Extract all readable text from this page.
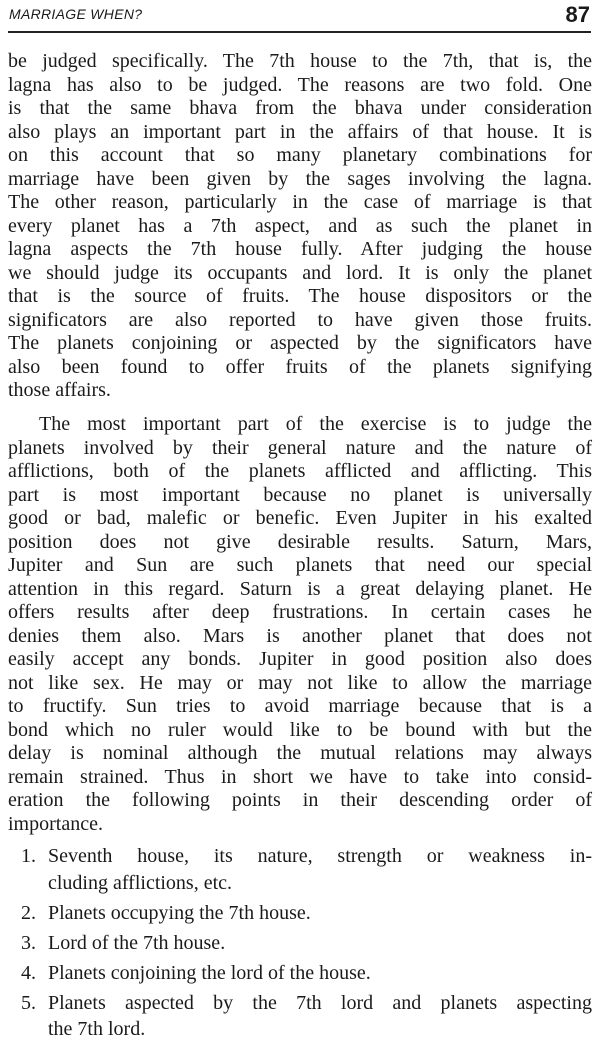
MARRIAGE WHEN?	87
be judged specifically. The 7th house to the 7th, that is, the
lagna has also to be judged. The reasons are two fold. One
is that the same bhava from the bhava under consideration
also plays an important part in the affairs of that house. It is
on this account that so many planetary combinations for
marriage have been given by the sages involving the lagna.
The other reason, particularly in the case of marriage is that
every planet has a 7th aspect, and as such the planet in
lagna aspects the 7th house fully. After judging the house
we should judge its occupants and lord. It is only the planet
that is the source of fruits. The house dispositors or the
significators are also reported to have given those fruits.
The planets conjoining or aspected by the significators have
also been found to offer fruits of the planets signifying
those affairs.
The most important part of the exercise is to judge the
planets involved by their general nature and the nature of
afflictions, both of the planets afflicted and afflicting. This
part is most important because no planet is universally
good or bad, malefic or benefic. Even Jupiter in his exalted
position does not give desirable results. Saturn, Mars,
Jupiter and Sun are such planets that need our special
attention in this regard. Saturn is a great delaying planet. He
offers results after deep frustrations. In certain cases he
denies them also. Mars is another planet that does not
easily accept any bonds. Jupiter in good position also does
not like sex. He may or may not like to allow the marriage
to fructify. Sun tries to avoid marriage because that is a
bond which no ruler would like to be bound with but the
delay is nominal although the mutual relations may always
remain strained. Thus in short we have to take into consid-
eration the following points in their descending order of
importance.
1. Seventh house, its nature, strength or weakness in-
cluding afflictions, etc.
2. Planets occupying the 7th house.
3. Lord of the 7th house.
4. Planets conjoining the lord of the house.
5. Planets aspected by the 7th lord and planets aspecting
the 7th lord.
